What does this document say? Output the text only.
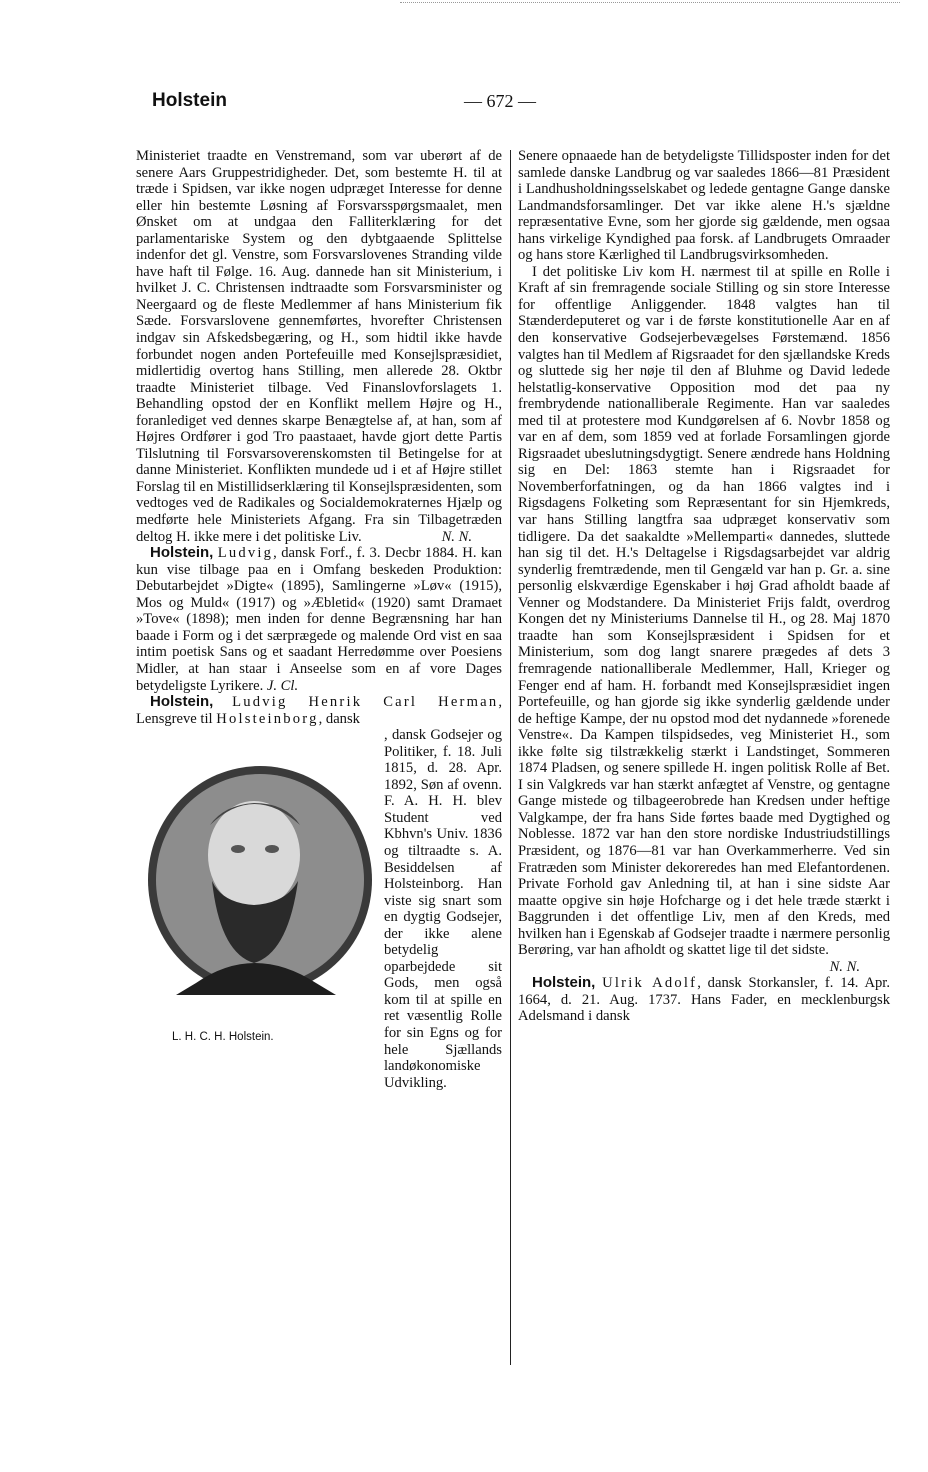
Holstein	— 672 —

Ministeriet traadte en Venstremand, som var uberørt af de senere Aars Gruppestridigheder. Det, som bestemte H. til at træde i Spidsen, var ikke nogen udpræget Interesse for denne eller hin bestemte Løsning af Forsvarsspørgsmaalet, men Ønsket om at undgaa den Falliterklæring for det parlamentariske System og den dybtgaaende Splittelse indenfor det gl. Venstre, som Forsvarslovenes Stranding vilde have haft til Følge. 16. Aug. dannede han sit Ministerium, i hvilket J. C. Christensen indtraadte som Forsvarsminister og Neergaard og de fleste Medlemmer af hans Ministerium fik Sæde. Forsvarslovene gennemførtes, hvorefter Christensen indgav sin Afskedsbegæring, og H., som hidtil ikke havde forbundet nogen anden Portefeuille med Konsejlspræsidiet, midlertidig overtog hans Stilling, men allerede 28. Oktbr traadte Ministeriet tilbage. Ved Finanslovforslagets 1. Behandling opstod der en Konflikt mellem Højre og H., foranlediget ved dennes skarpe Benægtelse af, at han, som af Højres Ordfører i god Tro paastaaet, havde gjort dette Partis Tilslutning til Forsvarsoverenskomsten til Betingelse for at danne Ministeriet. Konflikten mundede ud i et af Højre stillet Forslag til en Mistillidserklæring til Konsejlspræsidenten, som vedtoges ved de Radikales og Socialdemokraternes Hjælp og medførte hele Ministeriets Afgang. Fra sin Tilbagetræden deltog H. ikke mere i det politiske Liv.	N. N.

Holstein, Ludvig, dansk Forf., f. 3. Decbr 1884. H. kan kun vise tilbage paa en i Omfang beskeden Produktion: Debutarbejdet »Digte« (1895), Samlingerne »Løv« (1915), Mos og Muld« (1917) og »Æbletid« (1920) samt Dramaet »Tove« (1898); men inden for denne Begrænsning har han baade i Form og i det særprægede og malende Ord vist en saa intim poetisk Sans og et saadant Herredømme over Poesiens Midler, at han staar i Anseelse som en af vore Dages betydeligste Lyrikere. J. Cl.

Holstein, Ludvig Henrik Carl Herman, Lensgreve til Holsteinborg, dansk

L. H. C. H. Holstein.
, dansk Godsejer og Politiker, f. 18. Juli 1815, d. 28. Apr. 1892, Søn af ovenn. F. A. H. H. blev Student ved Kbhvn's Univ. 1836 og tiltraadte s. A. Besiddelsen af Holsteinborg. Han viste sig snart som en dygtig Godsejer, der ikke alene betydelig oparbejdede sit Gods, men også kom til at spille en ret væsentlig Rolle for sin Egns og for hele Sjællands landøkonomiske Udvikling.

Senere opnaaede han de betydeligste Tillidsposter inden for det samlede danske Landbrug og var saaledes 1866—81 Præsident i Landhusholdningsselskabet og ledede gentagne Gange danske Landmandsforsamlinger. Det var ikke alene H.'s sjældne repræsentative Evne, som her gjorde sig gældende, men ogsaa hans virkelige Kyndighed paa forsk. af Landbrugets Omraader og hans store Kærlighed til Landbrugsvirksomheden.

I det politiske Liv kom H. nærmest til at spille en Rolle i Kraft af sin fremragende sociale Stilling og sin store Interesse for offentlige Anliggender. 1848 valgtes han til Stænderdeputeret og var i de første konstitutionelle Aar en af den konservative Godsejerbevægelses Førstemænd. 1856 valgtes han til Medlem af Rigsraadet for den sjællandske Kreds og sluttede sig her nøje til den af Bluhme og David ledede helstatlig-konservative Opposition mod det paa ny frembrydende nationalliberale Regimente. Han var saaledes med til at protestere mod Kundgørelsen af 6. Novbr 1858 og var en af dem, som 1859 ved at forlade Forsamlingen gjorde Rigsraadet ubeslutningsdygtigt. Senere ændrede hans Holdning sig en Del: 1863 stemte han i Rigsraadet for Novemberforfatningen, og da han 1866 valgtes ind i Rigsdagens Folketing som Repræsentant for sin Hjemkreds, var hans Stilling langtfra saa udpræget konservativ som tidligere. Da det saakaldte »Mellemparti« dannedes, sluttede han sig til det. H.'s Deltagelse i Rigsdagsarbejdet var aldrig synderlig fremtrædende, men til Gengæld var han p. Gr. a. sine personlig elskværdige Egenskaber i høj Grad afholdt baade af Venner og Modstandere. Da Ministeriet Frijs faldt, overdrog Kongen det ny Ministeriums Dannelse til H., og 28. Maj 1870 traadte han som Konsejlspræsident i Spidsen for et Ministerium, som dog langt snarere prægedes af dets 3 fremragende nationalliberale Medlemmer, Hall, Krieger og Fenger end af ham. H. forbandt med Konsejlspræsidiet ingen Portefeuille, og han gjorde sig ikke synderlig gældende under de heftige Kampe, der nu opstod mod det nydannede »forenede Venstre«. Da Kampen tilspidsedes, veg Ministeriet H., som ikke følte sig tilstrækkelig stærkt i Landstinget, Sommeren 1874 Pladsen, og senere spillede H. ingen politisk Rolle af Bet. I sin Valgkreds var han stærkt anfægtet af Venstre, og gentagne Gange mistede og tilbageerobrede han Kredsen under heftige Valgkampe, der fra hans Side førtes baade med Dygtighed og Noblesse. 1872 var han den store nordiske Industriudstillings Præsident, og 1876—81 var han Overkammerherre. Ved sin Fratræden som Minister dekoreredes han med Elefantordenen. Private Forhold gav Anledning til, at han i sine sidste Aar maatte opgive sin høje Hofcharge og i det hele træde stærkt i Baggrunden i det offentlige Liv, men af den Kreds, med hvilken han i Egenskab af Godsejer traadte i nærmere personlig Berøring, var han afholdt og skattet lige til det sidste.
N. N.

Holstein, Ulrik Adolf, dansk Storkansler, f. 14. Apr. 1664, d. 21. Aug. 1737. Hans Fader, en mecklenburgsk Adelsmand i dansk
